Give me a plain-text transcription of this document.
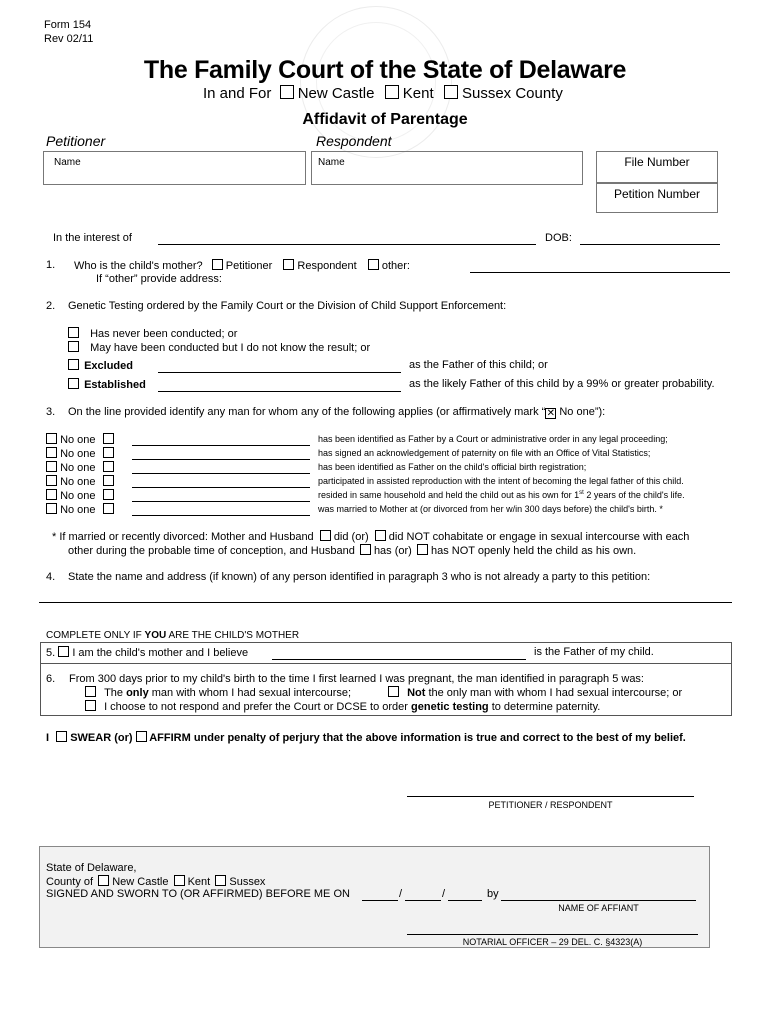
Form 154
Rev 02/11
The Family Court of the State of Delaware
In and For New Castle Kent Sussex County
Affidavit of Parentage
Petitioner	Respondent
Name	Name	File Number
Petition Number
In the interest of	DOB:
1. Who is the child's mother? Petitioner Respondent other:
If “other” provide address:
2. Genetic Testing ordered by the Family Court or the Division of Child Support Enforcement:
Has never been conducted; or
May have been conducted but I do not know the result; or
Excluded	as the Father of this child; or
Established	as the likely Father of this child by a 99% or greater probability.
3. On the line provided identify any man for whom any of the following applies (or affirmatively mark “✕ No one”):
No one	has been identified as Father by a Court or administrative order in any legal proceeding;
No one	has signed an acknowledgement of paternity on file with an Office of Vital Statistics;
No one	has been identified as Father on the child's official birth registration;
No one	participated in assisted reproduction with the intent of becoming the legal father of this child.
No one	resided in same household and held the child out as his own for 1st 2 years of the child's life.
No one	was married to Mother at (or divorced from her w/in 300 days before) the child's birth. *
* If married or recently divorced: Mother and Husband did (or) did NOT cohabitate or engage in sexual intercourse with each
other during the probable time of conception, and Husband has (or) has NOT openly held the child as his own.
4. State the name and address (if known) of any person identified in paragraph 3 who is not already a party to this petition:
COMPLETE ONLY IF YOU ARE THE CHILD'S MOTHER
5. I am the child's mother and I believe	is the Father of my child.
6. From 300 days prior to my child's birth to the time I first learned I was pregnant, the man identified in paragraph 5 was:
The only man with whom I had sexual intercourse;	Not the only man with whom I had sexual intercourse; or
I choose to not respond and prefer the Court or DCSE to order genetic testing to determine paternity.
I SWEAR (or) AFFIRM under penalty of perjury that the above information is true and correct to the best of my belief.
PETITIONER / RESPONDENT
State of Delaware,
County of New Castle Kent Sussex
SIGNED AND SWORN TO (OR AFFIRMED) BEFORE ME ON	/	/	by
NAME OF AFFIANT
NOTARIAL OFFICER – 29 DEL. C. §4323(A)
